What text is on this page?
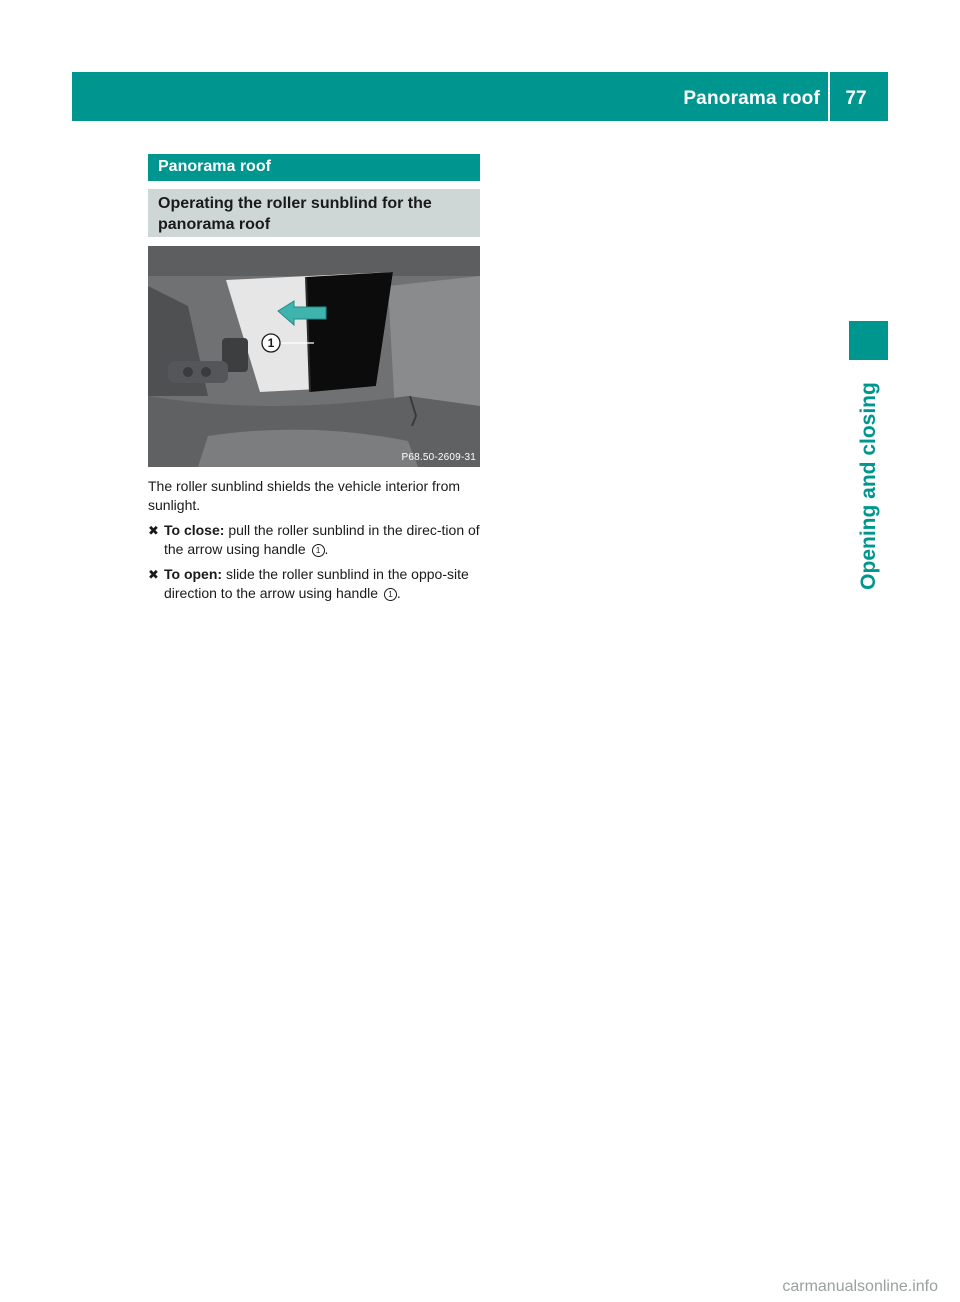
Panorama roof	77
Opening and closing
Panorama roof
Operating the roller sunblind for the panorama roof
1
P68.50-2609-31

The roller sunblind shields the vehicle interior from sunlight.

✖ To close: pull the roller sunblind in the direc-tion of the arrow using handle 1 .

✖ To open: slide the roller sunblind in the oppo-site direction to the arrow using handle 1 .

carmanualsonline.info
